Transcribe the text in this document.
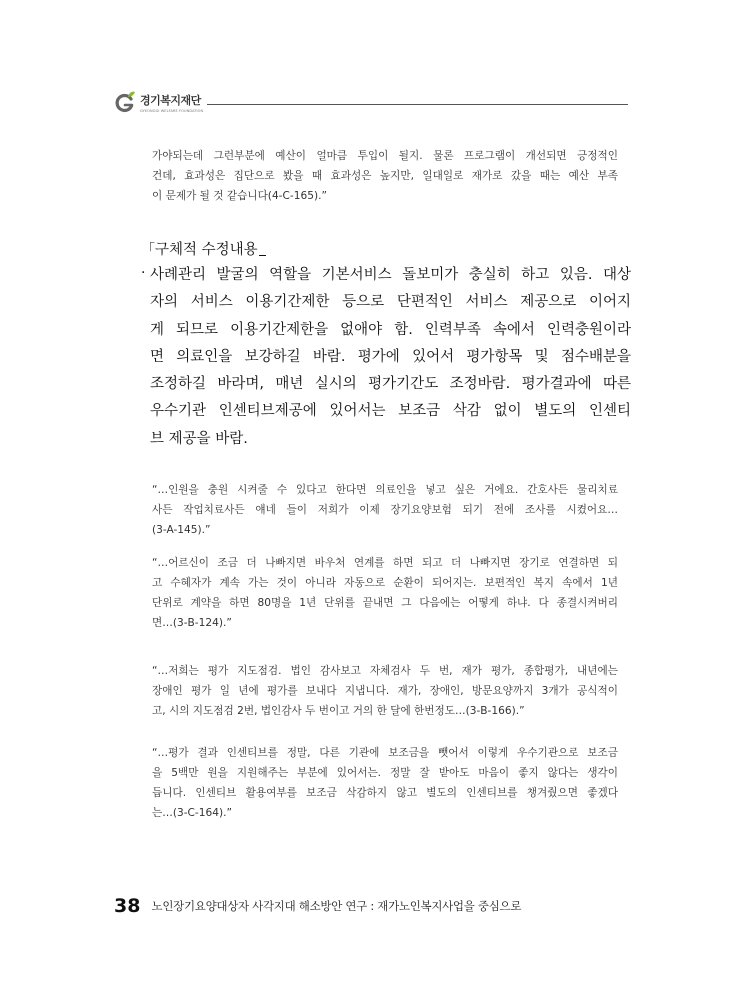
경기복지재단
GYEONGGI WELFARE FOUNDATION

가야되는데 그런부분에 예산이 얼마큼 투입이 될지. 물론 프로그램이 개선되면 긍정적인
건데, 효과성은 집단으로 봤을 때 효과성은 높지만, 일대일로 재가로 갔을 때는 예산 부족
이 문제가 될 것 같습니다(4-C-165).”

「구체적 수정내용
· 사례관리 발굴의 역할을 기본서비스 돌보미가 충실히 하고 있음. 대상
자의 서비스 이용기간제한 등으로 단편적인 서비스 제공으로 이어지
게 되므로 이용기간제한을 없애야 함. 인력부족 속에서 인력충원이라
면 의료인을 보강하길 바람. 평가에 있어서 평가항목 및 점수배분을
조정하길 바라며, 매년 실시의 평가기간도 조정바람. 평가결과에 따른
우수기관 인센티브제공에 있어서는 보조금 삭감 없이 별도의 인센티
브 제공을 바람.

“…인원을 충원 시켜줄 수 있다고 한다면 의료인을 넣고 싶은 거에요. 간호사든 물리치료
사든 작업치료사든 얘네 들이 저희가 이제 장기요양보험 되기 전에 조사를 시켰어요…
(3-A-145).”

“…어르신이 조금 더 나빠지면 바우처 연계를 하면 되고 더 나빠지면 장기로 연결하면 되
고 수혜자가 계속 가는 것이 아니라 자동으로 순환이 되어지는. 보편적인 복지 속에서 1년
단위로 계약을 하면 80명을 1년 단위를 끝내면 그 다음에는 어떻게 하냐. 다 종결시켜버리
면…(3-B-124).”

“…저희는 평가 지도점검. 법인 감사보고 자체검사 두 번, 재가 평가, 종합평가, 내년에는
장애인 평가 일 년에 평가를 보내다 지냅니다. 재가, 장애인, 방문요양까지 3개가 공식적이
고, 시의 지도점검 2번, 법인감사 두 번이고 거의 한 달에 한번정도…(3-B-166).”

“…평가 결과 인센티브를 정말, 다른 기관에 보조금을 뺏어서 이렇게 우수기관으로 보조금
을 5백만 원을 지원해주는 부분에 있어서는. 정말 잘 받아도 마음이 좋지 않다는 생각이
듭니다. 인센티브 활용여부를 보조금 삭감하지 않고 별도의 인센티브를 챙겨줬으면 좋겠다
는…(3-C-164).”

38 노인장기요양대상자 사각지대 해소방안 연구 : 재가노인복지사업을 중심으로
